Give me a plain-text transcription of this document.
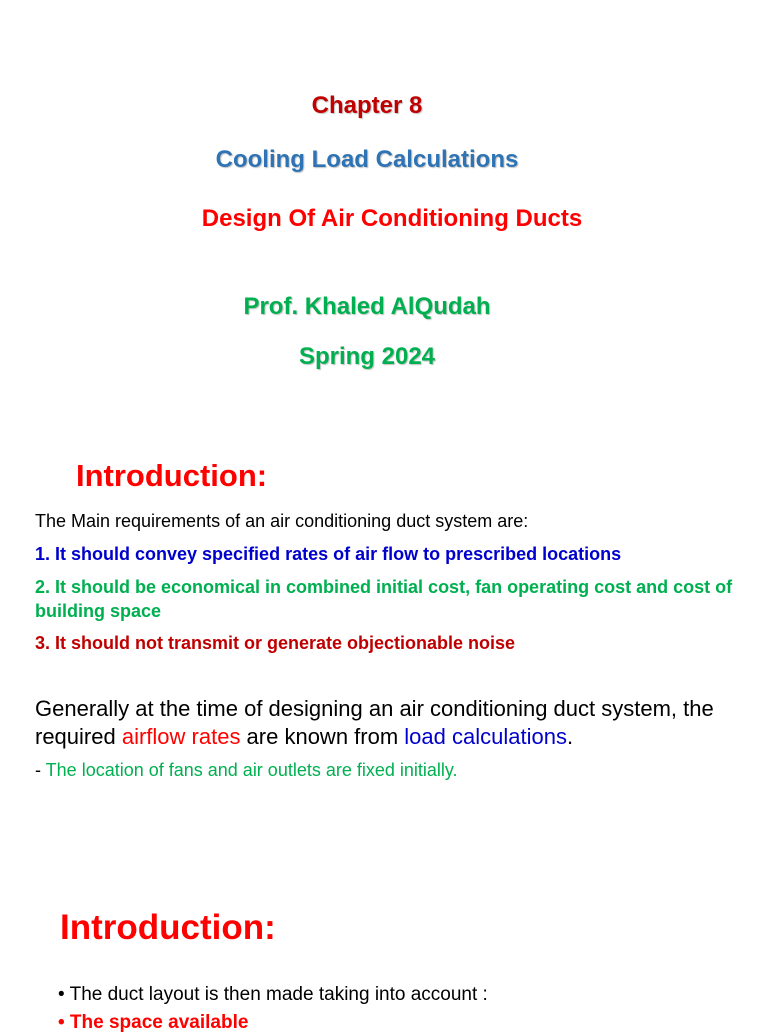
Chapter 8
Cooling Load Calculations
Design Of Air Conditioning Ducts
Prof. Khaled AlQudah
Spring 2024
Introduction:
The Main requirements of an air conditioning duct system are:
1. It should convey specified rates of air flow to prescribed locations
2. It should be economical in combined initial cost, fan operating cost and cost of building space
3. It should not transmit or generate objectionable noise
Generally at the time of designing an air conditioning duct system, the required airflow rates are known from load calculations.
- The location of fans and air outlets are fixed initially.
Introduction:
• The duct layout is then made taking into account :
• The space available
